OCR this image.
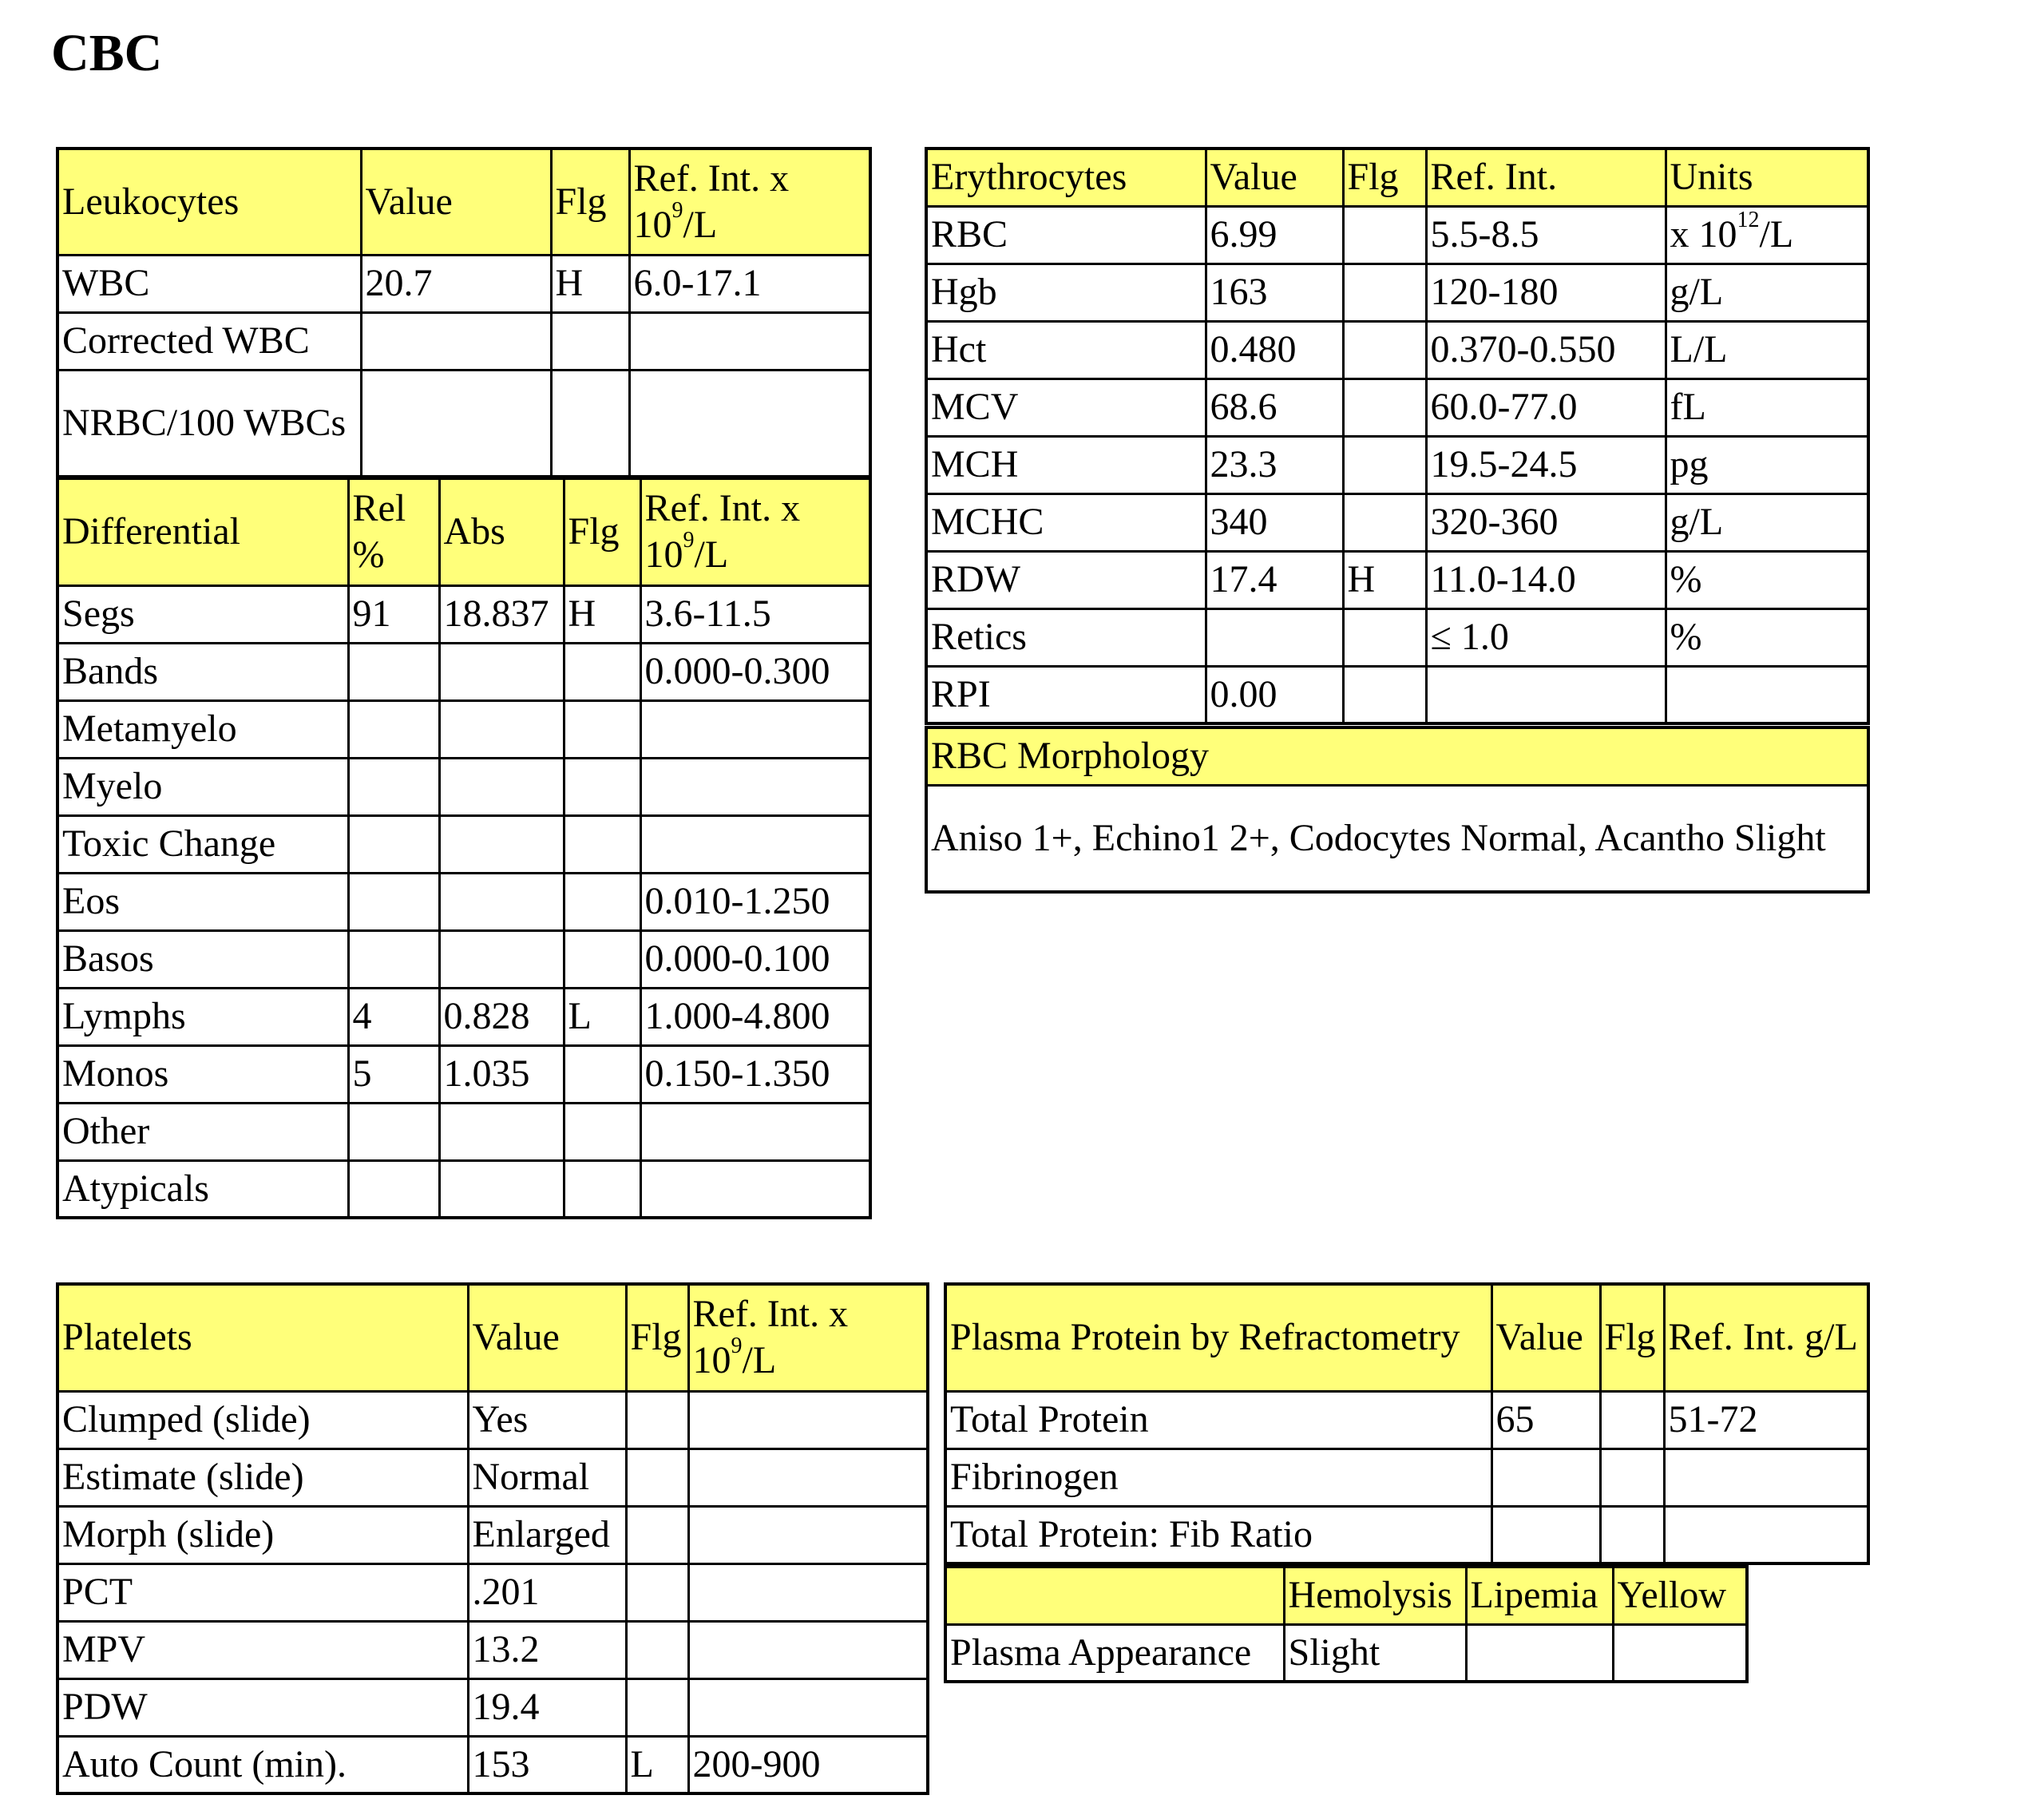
CBC
Leukocytes	Value	Flg	Ref. Int. x $10^9/L$
WBC	20.7	H	6.0-17.1
Corrected WBC			
NRBC/100 WBCs			
Differential	Rel %	Abs	Flg	Ref. Int. x $10^9/L$
Segs	91	18.837	H	3.6-11.5
Bands				0.000-0.300
Metamyelo				
Myelo				
Toxic Change				
Eos				0.010-1.250
Basos				0.000-0.100
Lymphs	4	0.828	L	1.000-4.800
Monos	5	1.035		0.150-1.350
Other				
Atypicals				
Erythrocytes	Value	Flg	Ref. Int.	Units
RBC	6.99		5.5-8.5	x $10^{12}/L$
Hgb	163		120-180	g/L
Hct	0.480		0.370-0.550	L/L
MCV	68.6		60.0-77.0	fL
MCH	23.3		19.5-24.5	pg
MCHC	340		320-360	g/L
RDW	17.4	H	11.0-14.0	%
Retics			≤ 1.0	%
RPI	0.00			
RBC Morphology
Aniso 1+, Echino1 2+, Codocytes Normal, Acantho Slight
Platelets	Value	Flg	Ref. Int. x $10^9/L$
Clumped (slide)	Yes		
Estimate (slide)	Normal		
Morph (slide)	Enlarged		
PCT	.201		
MPV	13.2		
PDW	19.4		
Auto Count (min).	153	L	200-900
Plasma Protein by Refractometry	Value	Flg	Ref. Int. g/L
Total Protein	65		51-72
Fibrinogen			
Total Protein: Fib Ratio			
	Hemolysis	Lipemia	Yellow
Plasma Appearance	Slight		
